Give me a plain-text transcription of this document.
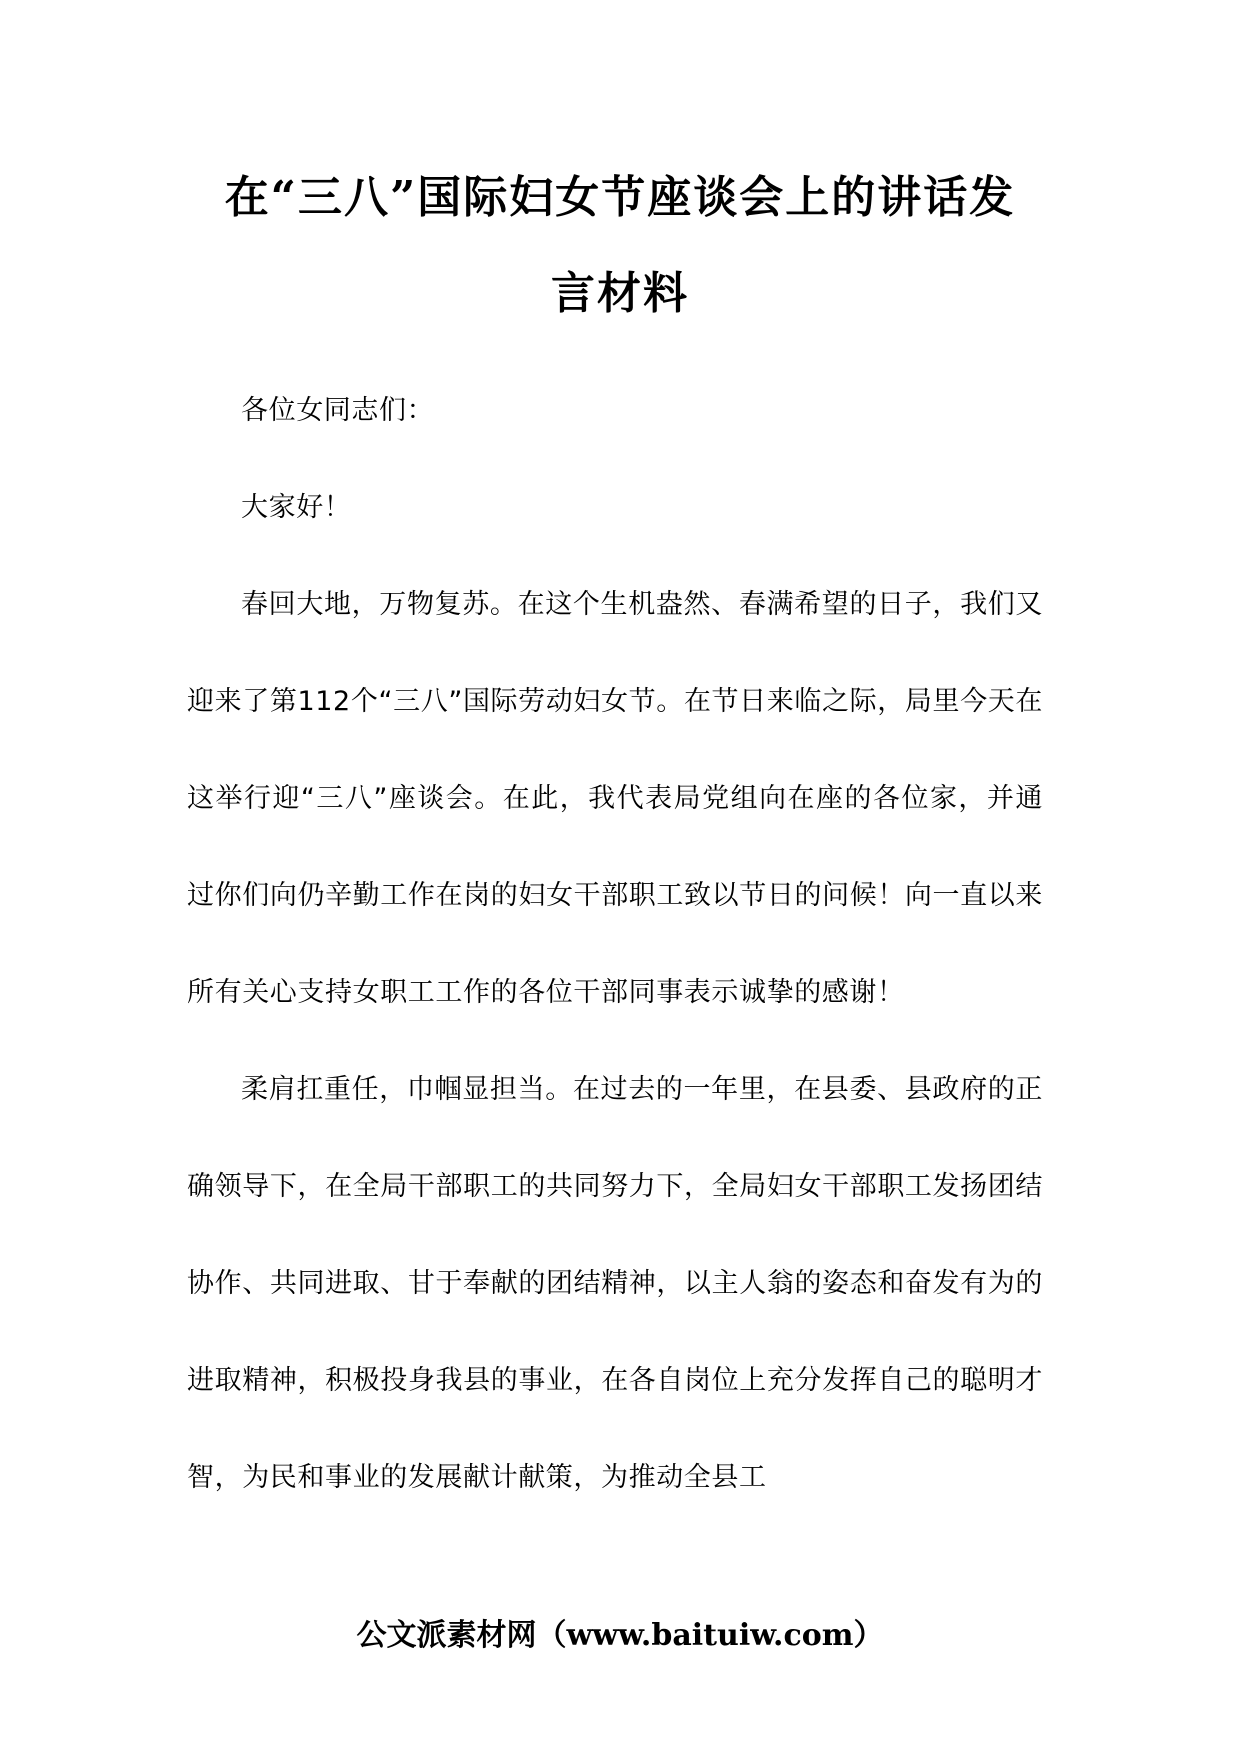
在“三八”国际妇女节座谈会上的讲话发
言材料

各位女同志们：

大家好！

春回大地，万物复苏。在这个生机盎然、春满希望的日子，我们又迎来了第112个“三八”国际劳动妇女节。在节日来临之际，局里今天在这举行迎“三八”座谈会。在此，我代表局党组向在座的各位家，并通过你们向仍辛勤工作在岗的妇女干部职工致以节日的问候！向一直以来所有关心支持女职工工作的各位干部同事表示诚挚的感谢！

柔肩扛重任，巾帼显担当。在过去的一年里，在县委、县政府的正确领导下，在全局干部职工的共同努力下，全局妇女干部职工发扬团结协作、共同进取、甘于奉献的团结精神，以主人翁的姿态和奋发有为的进取精神，积极投身我县的事业，在各自岗位上充分发挥自己的聪明才智，为民和事业的发展献计献策，为推动全县工

公文派素材网（www.baituiw.com）
